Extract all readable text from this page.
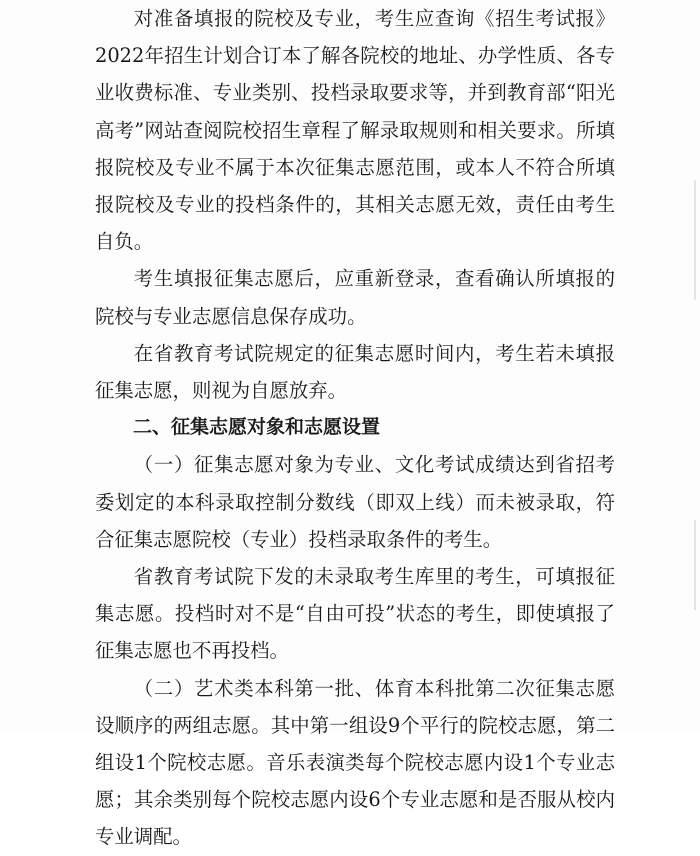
对准备填报的院校及专业，考生应查询《招生考试报》2022年招生计划合订本了解各院校的地址、办学性质、各专业收费标准、专业类别、投档录取要求等，并到教育部“阳光高考”网站查阅院校招生章程了解录取规则和相关要求。所填报院校及专业不属于本次征集志愿范围，或本人不符合所填报院校及专业的投档条件的，其相关志愿无效，责任由考生自负。

考生填报征集志愿后，应重新登录，查看确认所填报的院校与专业志愿信息保存成功。

在省教育考试院规定的征集志愿时间内，考生若未填报征集志愿，则视为自愿放弃。

二、征集志愿对象和志愿设置

（一）征集志愿对象为专业、文化考试成绩达到省招考委划定的本科录取控制分数线（即双上线）而未被录取，符合征集志愿院校（专业）投档录取条件的考生。

省教育考试院下发的未录取考生库里的考生，可填报征集志愿。投档时对不是“自由可投”状态的考生，即使填报了征集志愿也不再投档。

（二）艺术类本科第一批、体育本科批第二次征集志愿设顺序的两组志愿。其中第一组设9个平行的院校志愿，第二组设1个院校志愿。音乐表演类每个院校志愿内设1个专业志愿；其余类别每个院校志愿内设6个专业志愿和是否服从校内专业调配。
